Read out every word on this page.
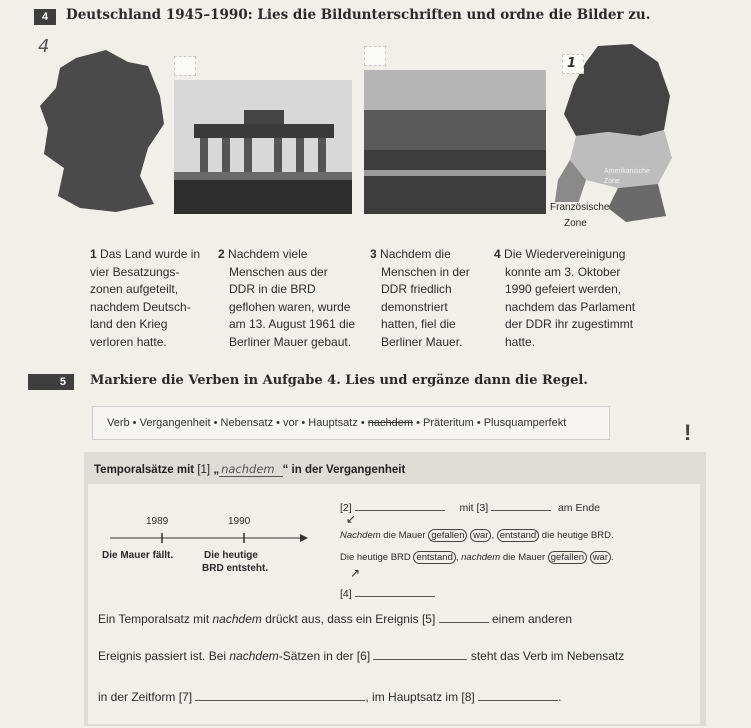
4	Deutschland 1945–1990: Lies die Bildunterschriften und ordne die Bilder zu.
4
1
Amerikanische
Zone
Französische
Zone
1 Das Land wurde in
vier Besatzungs-
zonen aufgeteilt,
nachdem Deutsch-
land den Krieg
verloren hatte.
2 Nachdem viele
Menschen aus der
DDR in die BRD
geflohen waren, wurde
am 13. August 1961 die
Berliner Mauer gebaut.
3 Nachdem die
Menschen in der
DDR friedlich
demonstriert
hatten, fiel die
Berliner Mauer.
4 Die Wiedervereinigung
konnte am 3. Oktober
1990 gefeiert werden,
nachdem das Parlament
der DDR ihr zugestimmt
hatte.
5	Markiere die Verben in Aufgabe 4. Lies und ergänze dann die Regel.
Verb • Vergangenheit • Nebensatz • vor • Hauptsatz • nachdem • Präteritum • Plusquamperfekt	!
Temporalsätze mit [1] „ nachdem “ in der Vergangenheit
1989	1990
Die Mauer fällt.	Die heutige
BRD entsteht.
[2]	mit [3]	am Ende
↙
Nachdem die Mauer gefallen war , entstand die heutige BRD.
Die heutige BRD entstand , nachdem die Mauer gefallen war .
↗
[4]
Ein Temporalsatz mit nachdem drückt aus, dass ein Ereignis [5]	einem anderen
Ereignis passiert ist. Bei nachdem-Sätzen in der [6]	steht das Verb im Nebensatz
in der Zeitform [7]	, im Hauptsatz im [8]	.
